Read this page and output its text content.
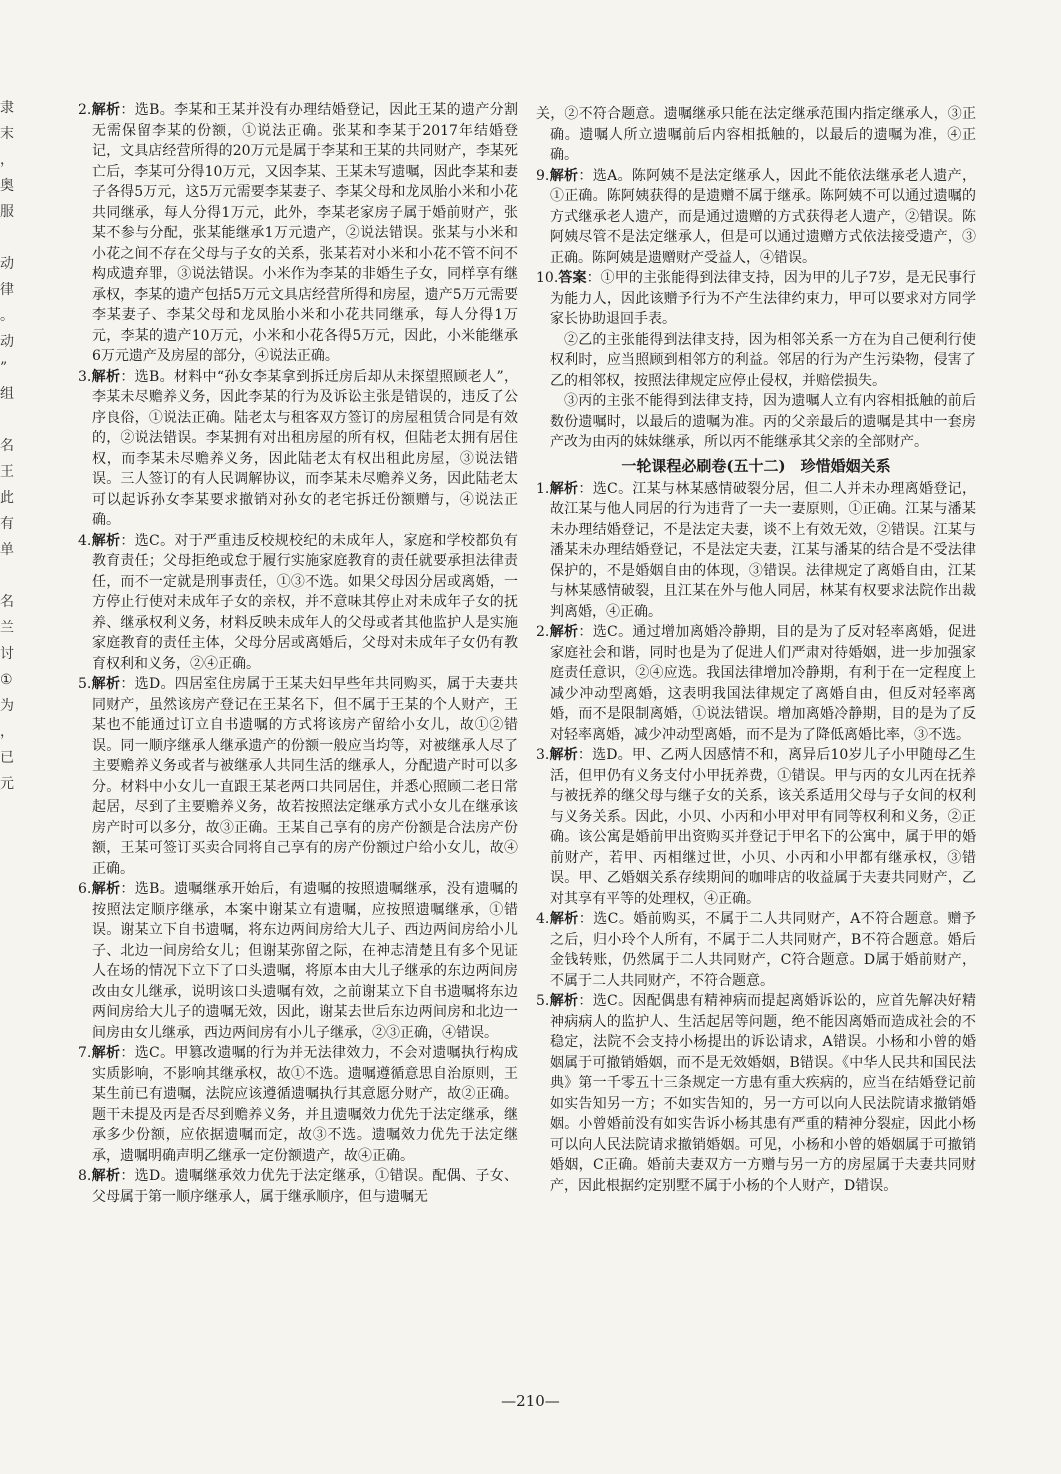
隶
末
，
奥
服
动
律
。
动
”
组
名
王
此
有
单
名
兰
讨
①
为
，
已
元

2.解析：选B。李某和王某并没有办理结婚登记，因此王某的遗产分割无需保留李某的份额，①说法正确。张某和李某于2017年结婚登记，文具店经营所得的20万元是属于李某和王某的共同财产，李某死亡后，李某可分得10万元，又因李某、王某未写遗嘱，因此李某和妻子各得5万元，这5万元需要李某妻子、李某父母和龙凤胎小米和小花共同继承，每人分得1万元，此外，李某老家房子属于婚前财产，张某不参与分配，张某能继承1万元遗产，②说法错误。张某与小米和小花之间不存在父母与子女的关系，张某若对小米和小花不管不问不构成遗弃罪，③说法错误。小米作为李某的非婚生子女，同样享有继承权，李某的遗产包括5万元文具店经营所得和房屋，遗产5万元需要李某妻子、李某父母和龙凤胎小米和小花共同继承，每人分得1万元，李某的遗产10万元，小米和小花各得5万元，因此，小米能继承6万元遗产及房屋的部分，④说法正确。

3.解析：选B。材料中“孙女李某拿到拆迁房后却从未探望照顾老人”，李某未尽赡养义务，因此李某的行为及诉讼主张是错误的，违反了公序良俗，①说法正确。陆老太与租客双方签订的房屋租赁合同是有效的，②说法错误。李某拥有对出租房屋的所有权，但陆老太拥有居住权，而李某未尽赡养义务，因此陆老太有权出租此房屋，③说法错误。三人签订的有人民调解协议，而李某未尽赡养义务，因此陆老太可以起诉孙女李某要求撤销对孙女的老宅拆迁份额赠与，④说法正确。

4.解析：选C。对于严重违反校规校纪的未成年人，家庭和学校都负有教育责任；父母拒绝或怠于履行实施家庭教育的责任就要承担法律责任，而不一定就是刑事责任，①③不选。如果父母因分居或离婚，一方停止行使对未成年子女的亲权，并不意味其停止对未成年子女的抚养、继承权利义务，材料反映未成年人的父母或者其他监护人是实施家庭教育的责任主体，父母分居或离婚后，父母对未成年子女仍有教育权利和义务，②④正确。

5.解析：选D。四居室住房属于王某夫妇早些年共同购买，属于夫妻共同财产，虽然该房产登记在王某名下，但不属于王某的个人财产，王某也不能通过订立自书遗嘱的方式将该房产留给小女儿，故①②错误。同一顺序继承人继承遗产的份额一般应当均等，对被继承人尽了主要赡养义务或者与被继承人共同生活的继承人，分配遗产时可以多分。材料中小女儿一直跟王某老两口共同居住，并悉心照顾二老日常起居，尽到了主要赡养义务，故若按照法定继承方式小女儿在继承该房产时可以多分，故③正确。王某自己享有的房产份额是合法房产份额，王某可签订买卖合同将自己享有的房产份额过户给小女儿，故④正确。

6.解析：选B。遗嘱继承开始后，有遗嘱的按照遗嘱继承，没有遗嘱的按照法定顺序继承，本案中谢某立有遗嘱，应按照遗嘱继承，①错误。谢某立下自书遗嘱，将东边两间房给大儿子、西边两间房给小儿子、北边一间房给女儿；但谢某弥留之际，在神志清楚且有多个见证人在场的情况下立下了口头遗嘱，将原本由大儿子继承的东边两间房改由女儿继承，说明该口头遗嘱有效，之前谢某立下自书遗嘱将东边两间房给大儿子的遗嘱无效，因此，谢某去世后东边两间房和北边一间房由女儿继承，西边两间房有小儿子继承，②③正确，④错误。

7.解析：选C。甲篡改遗嘱的行为并无法律效力，不会对遗嘱执行构成实质影响，不影响其继承权，故①不选。遗嘱遵循意思自治原则，王某生前已有遗嘱，法院应该遵循遗嘱执行其意愿分财产，故②正确。题干未提及丙是否尽到赡养义务，并且遗嘱效力优先于法定继承，继承多少份额，应依据遗嘱而定，故③不选。遗嘱效力优先于法定继承，遗嘱明确声明乙继承一定份额遗产，故④正确。

8.解析：选D。遗嘱继承效力优先于法定继承，①错误。配偶、子女、父母属于第一顺序继承人，属于继承顺序，但与遗嘱无

关，②不符合题意。遗嘱继承只能在法定继承范围内指定继承人，③正确。遗嘱人所立遗嘱前后内容相抵触的，以最后的遗嘱为准，④正确。

9.解析：选A。陈阿姨不是法定继承人，因此不能依法继承老人遗产，①正确。陈阿姨获得的是遗赠不属于继承。陈阿姨不可以通过遗嘱的方式继承老人遗产，而是通过遗赠的方式获得老人遗产，②错误。陈阿姨尽管不是法定继承人，但是可以通过遗赠方式依法接受遗产，③正确。陈阿姨是遗赠财产受益人，④错误。

10.答案：①甲的主张能得到法律支持，因为甲的儿子7岁，是无民事行为能力人，因此该赠予行为不产生法律约束力，甲可以要求对方同学家长协助退回手表。

②乙的主张能得到法律支持，因为相邻关系一方在为自己便利行使权利时，应当照顾到相邻方的利益。邻居的行为产生污染物，侵害了乙的相邻权，按照法律规定应停止侵权，并赔偿损失。

③丙的主张不能得到法律支持，因为遗嘱人立有内容相抵触的前后数份遗嘱时，以最后的遗嘱为准。丙的父亲最后的遗嘱是其中一套房产改为由丙的妹妹继承，所以丙不能继承其父亲的全部财产。

一轮课程必刷卷(五十二)　珍惜婚姻关系

1.解析：选C。江某与林某感情破裂分居，但二人并未办理离婚登记，故江某与他人同居的行为违背了一夫一妻原则，①正确。江某与潘某未办理结婚登记，不是法定夫妻，谈不上有效无效，②错误。江某与潘某未办理结婚登记，不是法定夫妻，江某与潘某的结合是不受法律保护的，不是婚姻自由的体现，③错误。法律规定了离婚自由，江某与林某感情破裂，且江某在外与他人同居，林某有权要求法院作出裁判离婚，④正确。

2.解析：选C。通过增加离婚冷静期，目的是为了反对轻率离婚，促进家庭社会和谐，同时也是为了促进人们严肃对待婚姻，进一步加强家庭责任意识，②④应选。我国法律增加冷静期，有利于在一定程度上减少冲动型离婚，这表明我国法律规定了离婚自由，但反对轻率离婚，而不是限制离婚，①说法错误。增加离婚冷静期，目的是为了反对轻率离婚，减少冲动型离婚，而不是为了降低离婚比率，③不选。

3.解析：选D。甲、乙两人因感情不和，离异后10岁儿子小甲随母乙生活，但甲仍有义务支付小甲抚养费，①错误。甲与丙的女儿丙在抚养与被抚养的继父母与继子女的关系，该关系适用父母与子女间的权利与义务关系。因此，小贝、小丙和小甲对甲有同等权利和义务，②正确。该公寓是婚前甲出资购买并登记于甲名下的公寓中，属于甲的婚前财产，若甲、丙相继过世，小贝、小丙和小甲都有继承权，③错误。甲、乙婚姻关系存续期间的咖啡店的收益属于夫妻共同财产，乙对其享有平等的处理权，④正确。

4.解析：选C。婚前购买，不属于二人共同财产，A不符合题意。赠予之后，归小玲个人所有，不属于二人共同财产，B不符合题意。婚后金钱转账，仍然属于二人共同财产，C符合题意。D属于婚前财产，不属于二人共同财产，不符合题意。

5.解析：选C。因配偶患有精神病而提起离婚诉讼的，应首先解决好精神病病人的监护人、生活起居等问题，绝不能因离婚而造成社会的不稳定，法院不会支持小杨提出的诉讼请求，A错误。小杨和小曾的婚姻属于可撤销婚姻，而不是无效婚姻，B错误。《中华人民共和国民法典》第一千零五十三条规定一方患有重大疾病的，应当在结婚登记前如实告知另一方；不如实告知的，另一方可以向人民法院请求撤销婚姻。小曾婚前没有如实告诉小杨其患有严重的精神分裂症，因此小杨可以向人民法院请求撤销婚姻。可见，小杨和小曾的婚姻属于可撤销婚姻，C正确。婚前夫妻双方一方赠与另一方的房屋属于夫妻共同财产，因此根据约定别墅不属于小杨的个人财产，D错误。

—210—
